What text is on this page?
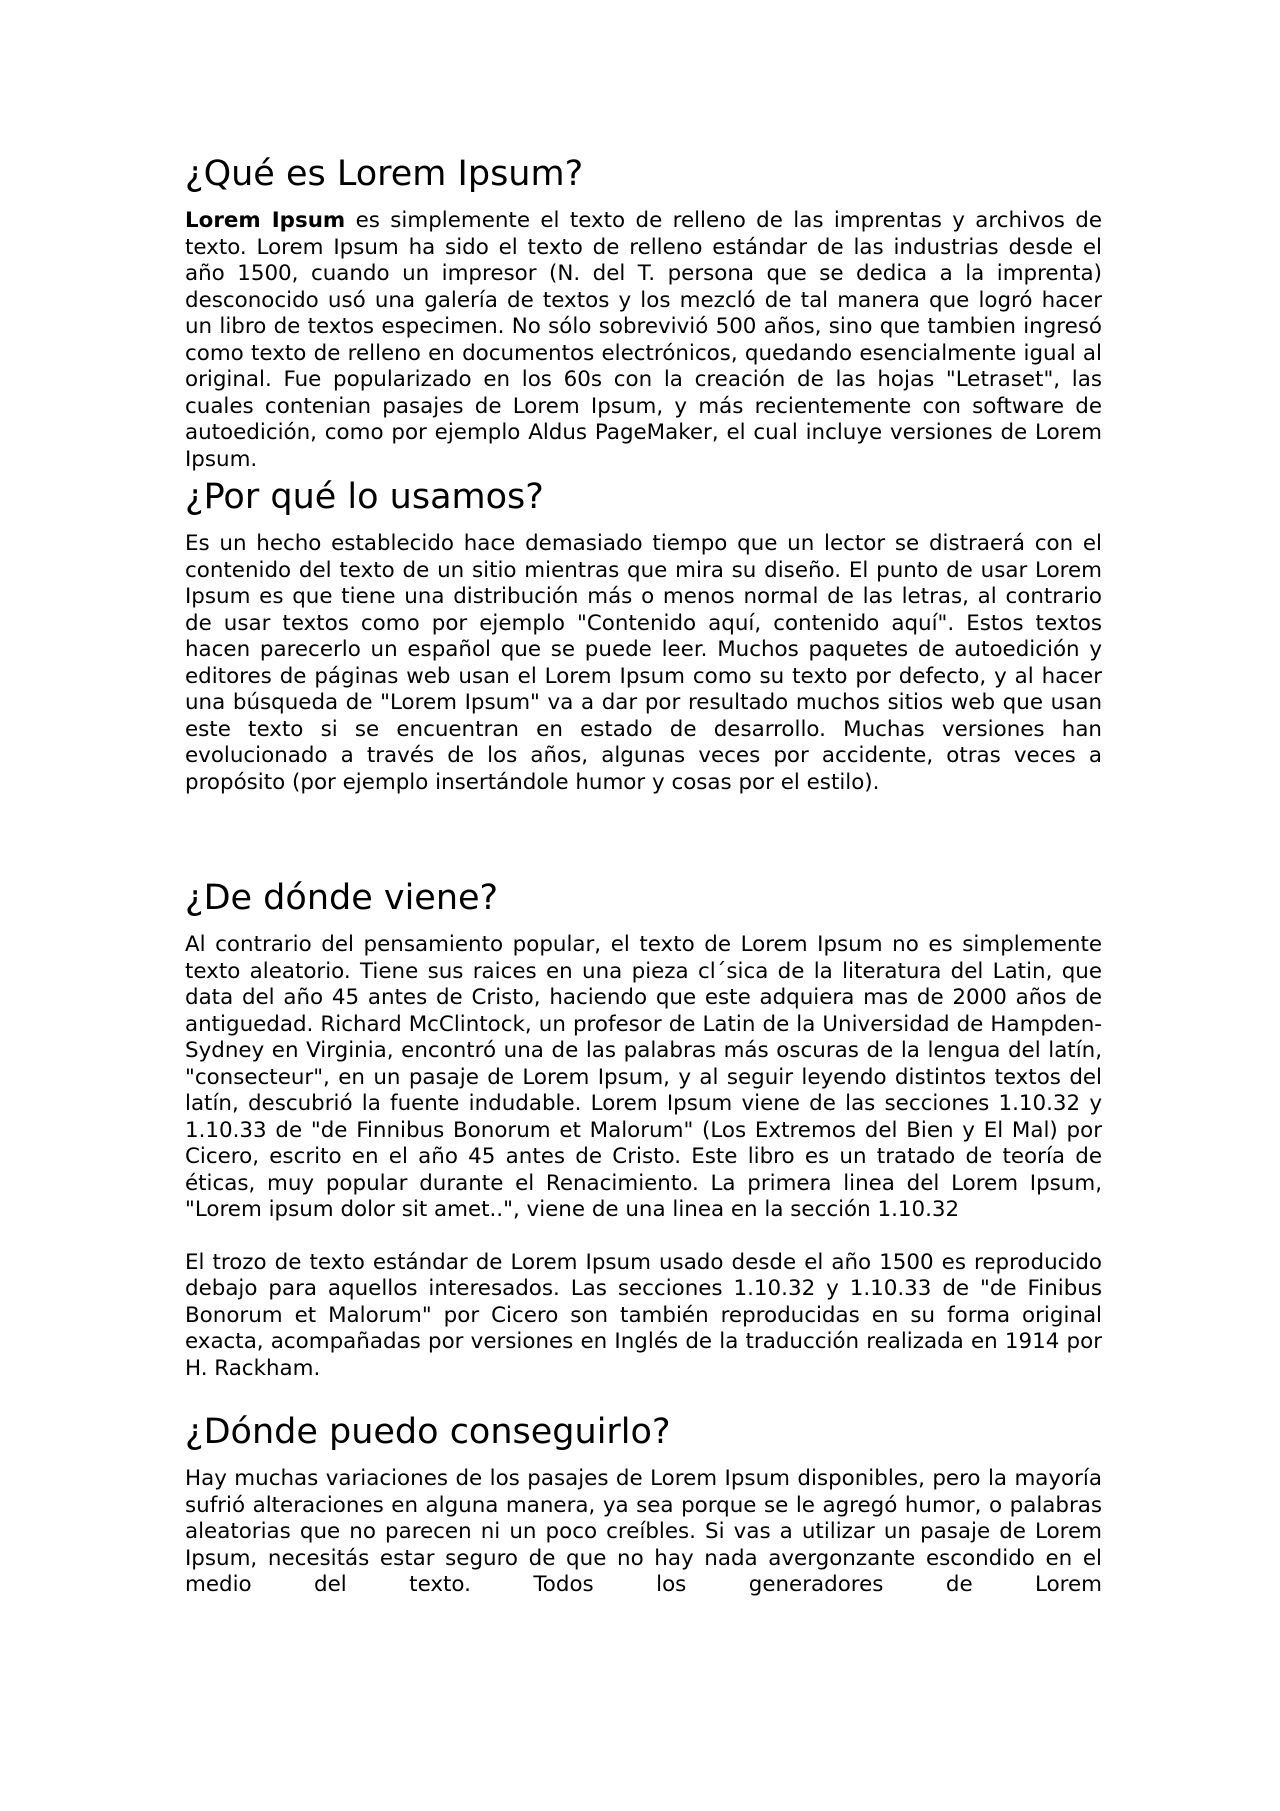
¿Qué es Lorem Ipsum?

Lorem Ipsum es simplemente el texto de relleno de las imprentas y archivos de texto. Lorem Ipsum ha sido el texto de relleno estándar de las industrias desde el año 1500, cuando un impresor (N. del T. persona que se dedica a la imprenta) desconocido usó una galería de textos y los mezcló de tal manera que logró hacer un libro de textos especimen. No sólo sobrevivió 500 años, sino que tambien ingresó como texto de relleno en documentos electrónicos, quedando esencialmente igual al original. Fue popularizado en los 60s con la creación de las hojas "Letraset", las cuales contenian pasajes de Lorem Ipsum, y más recientemente con software de autoedición, como por ejemplo Aldus PageMaker, el cual incluye versiones de Lorem Ipsum.

¿Por qué lo usamos?

Es un hecho establecido hace demasiado tiempo que un lector se distraerá con el contenido del texto de un sitio mientras que mira su diseño. El punto de usar Lorem Ipsum es que tiene una distribución más o menos normal de las letras, al contrario de usar textos como por ejemplo "Contenido aquí, contenido aquí". Estos textos hacen parecerlo un español que se puede leer. Muchos paquetes de autoedición y editores de páginas web usan el Lorem Ipsum como su texto por defecto, y al hacer una búsqueda de "Lorem Ipsum" va a dar por resultado muchos sitios web que usan este texto si se encuentran en estado de desarrollo. Muchas versiones han evolucionado a través de los años, algunas veces por accidente, otras veces a propósito (por ejemplo insertándole humor y cosas por el estilo).

¿De dónde viene?

Al contrario del pensamiento popular, el texto de Lorem Ipsum no es simplemente texto aleatorio. Tiene sus raices en una pieza cl´sica de la literatura del Latin, que data del año 45 antes de Cristo, haciendo que este adquiera mas de 2000 años de antiguedad. Richard McClintock, un profesor de Latin de la Universidad de Hampden-Sydney en Virginia, encontró una de las palabras más oscuras de la lengua del latín, "consecteur", en un pasaje de Lorem Ipsum, y al seguir leyendo distintos textos del latín, descubrió la fuente indudable. Lorem Ipsum viene de las secciones 1.10.32 y 1.10.33 de "de Finnibus Bonorum et Malorum" (Los Extremos del Bien y El Mal) por Cicero, escrito en el año 45 antes de Cristo. Este libro es un tratado de teoría de éticas, muy popular durante el Renacimiento. La primera linea del Lorem Ipsum, "Lorem ipsum dolor sit amet..", viene de una linea en la sección 1.10.32

El trozo de texto estándar de Lorem Ipsum usado desde el año 1500 es reproducido debajo para aquellos interesados. Las secciones 1.10.32 y 1.10.33 de "de Finibus Bonorum et Malorum" por Cicero son también reproducidas en su forma original exacta, acompañadas por versiones en Inglés de la traducción realizada en 1914 por H. Rackham.

¿Dónde puedo conseguirlo?

Hay muchas variaciones de los pasajes de Lorem Ipsum disponibles, pero la mayoría sufrió alteraciones en alguna manera, ya sea porque se le agregó humor, o palabras aleatorias que no parecen ni un poco creíbles. Si vas a utilizar un pasaje de Lorem Ipsum, necesitás estar seguro de que no hay nada avergonzante escondido en el medio del texto. Todos los generadores de Lorem
